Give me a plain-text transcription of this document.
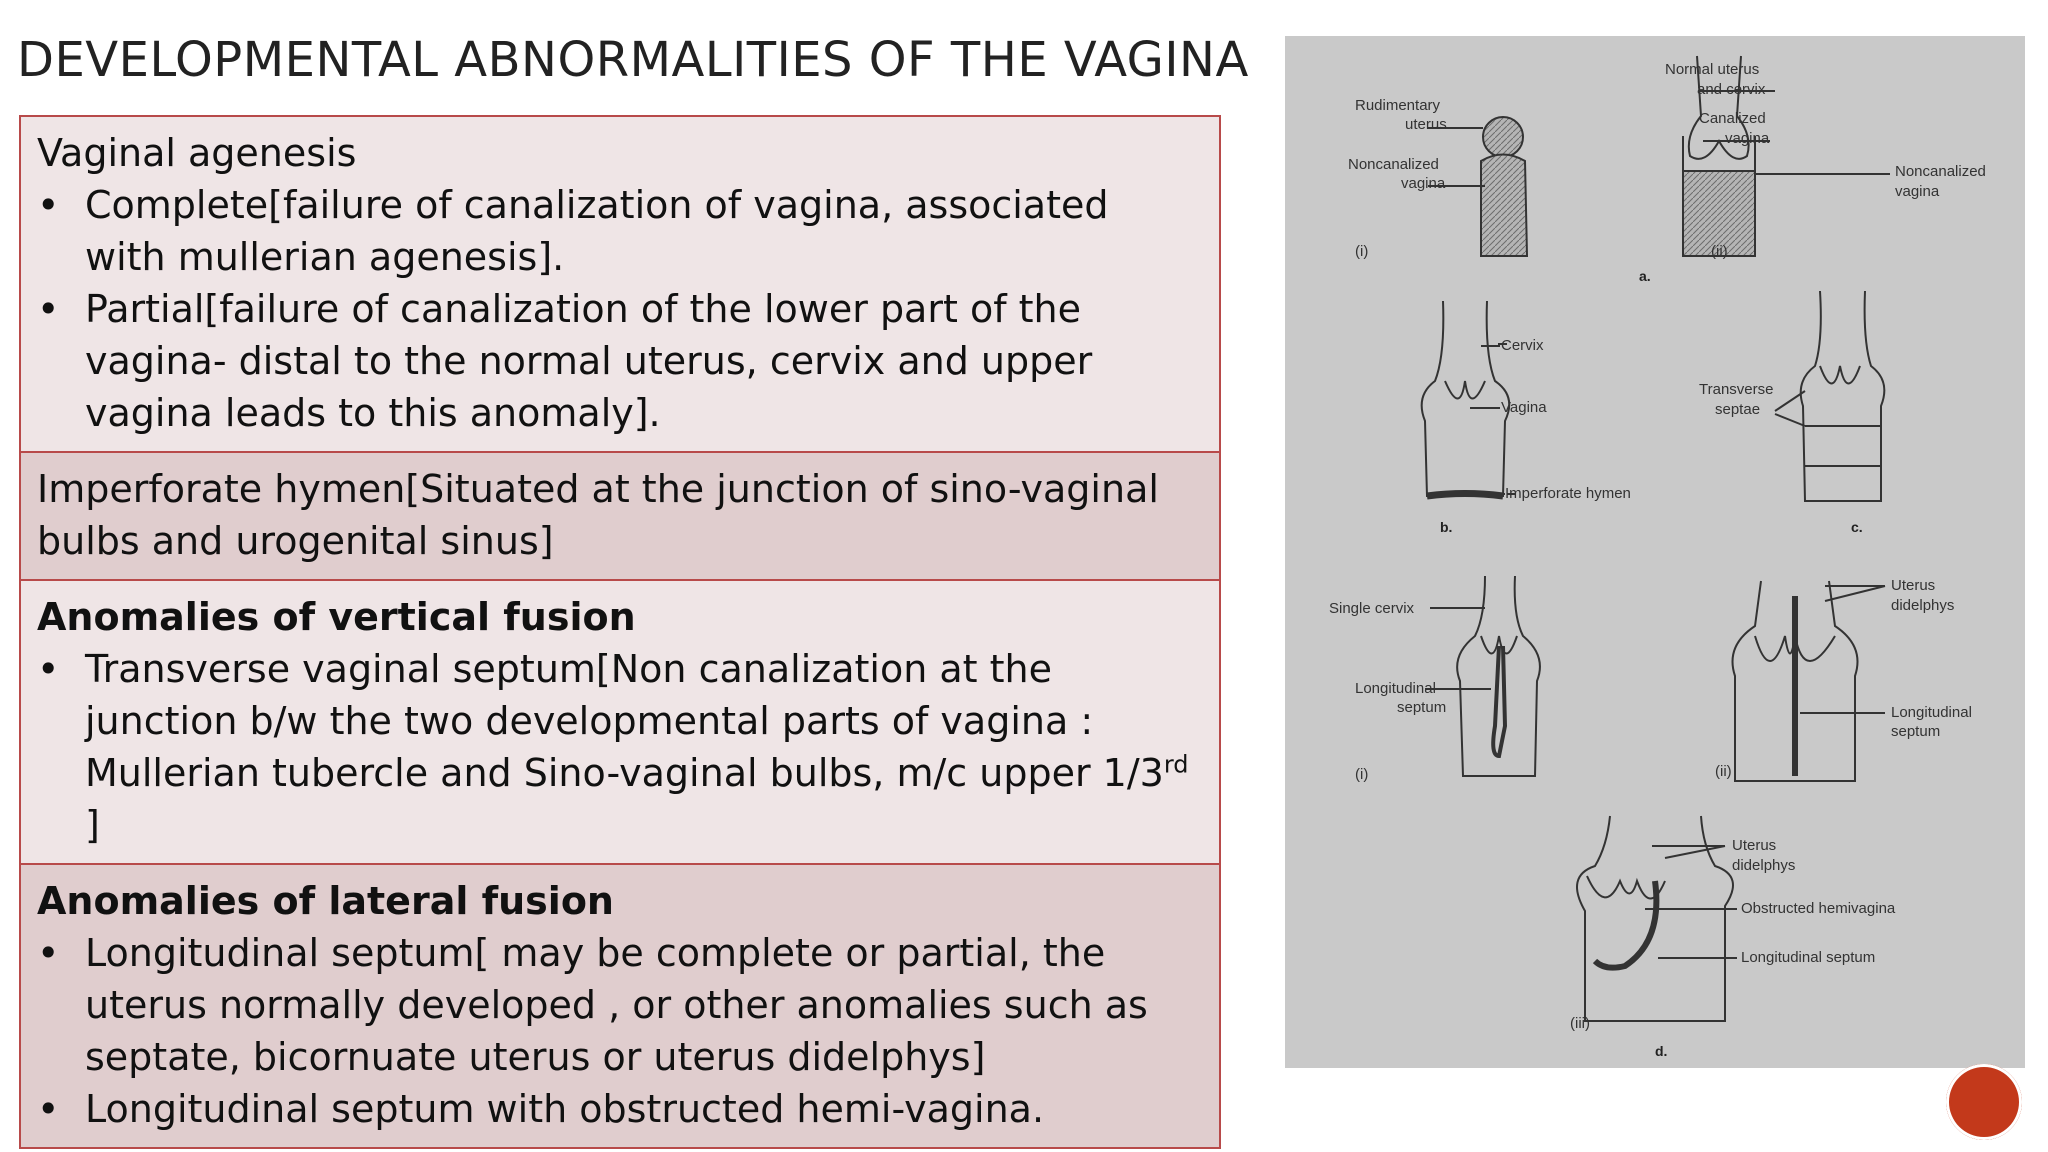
DEVELOPMENTAL ABNORMALITIES OF THE VAGINA
Vaginal agenesis
• Complete[failure of canalization of vagina, associated with mullerian agenesis].
• Partial[failure of canalization of the lower part of the vagina- distal to the normal uterus, cervix and upper vagina leads to this anomaly].
Imperforate hymen[Situated at the junction of sino-vaginal bulbs and urogenital sinus]
Anomalies of vertical fusion
• Transverse vaginal septum[Non canalization at the junction b/w the two developmental parts of vagina : Mullerian tubercle and Sino-vaginal bulbs, m/c upper 1/3rd ]
Anomalies of lateral fusion
• Longitudinal septum[ may be complete or partial, the uterus normally developed , or other anomalies such as septate, bicornuate uterus or uterus didelphys]
• Longitudinal septum with obstructed hemi-vagina.
Rudimentary
uterus
Noncanalized
vagina
(i)
Normal uterus
and cervix
Canalized
vagina
Noncanalized
vagina
(ii)
a.
Cervix
Vagina
Imperforate hymen
b.
Transverse
septae
c.
Single cervix
Longitudinal
septum
(i)
Uterus
didelphys
Longitudinal
septum
(ii)
Uterus
didelphys
Obstructed hemivagina
Longitudinal septum
(iii)
d.
